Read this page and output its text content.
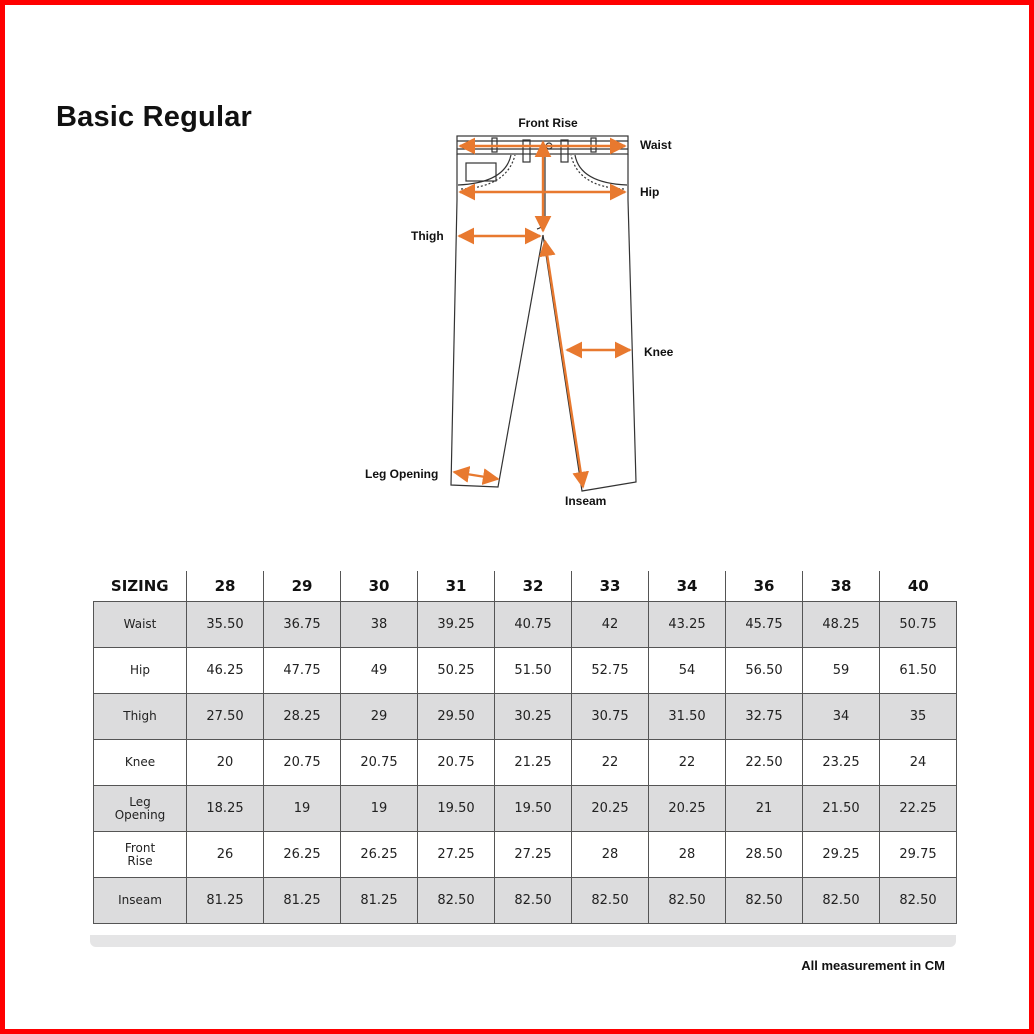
Basic Regular	Front Rise
Waist
Hip
Thigh
Knee
Leg Opening
Inseam
SIZING	28	29	30	31	32	33	34	36	38	40
Waist	35.50	36.75	38	39.25	40.75	42	43.25	45.75	48.25	50.75
Hip	46.25	47.75	49	50.25	51.50	52.75	54	56.50	59	61.50
Thigh	27.50	28.25	29	29.50	30.25	30.75	31.50	32.75	34	35
Knee	20	20.75	20.75	20.75	21.25	22	22	22.50	23.25	24
Leg
Opening	18.25	19	19	19.50	19.50	20.25	20.25	21	21.50	22.25
Front
Rise	26	26.25	26.25	27.25	27.25	28	28	28.50	29.25	29.75
Inseam	81.25	81.25	81.25	82.50	82.50	82.50	82.50	82.50	82.50	82.50
All measurement in CM
